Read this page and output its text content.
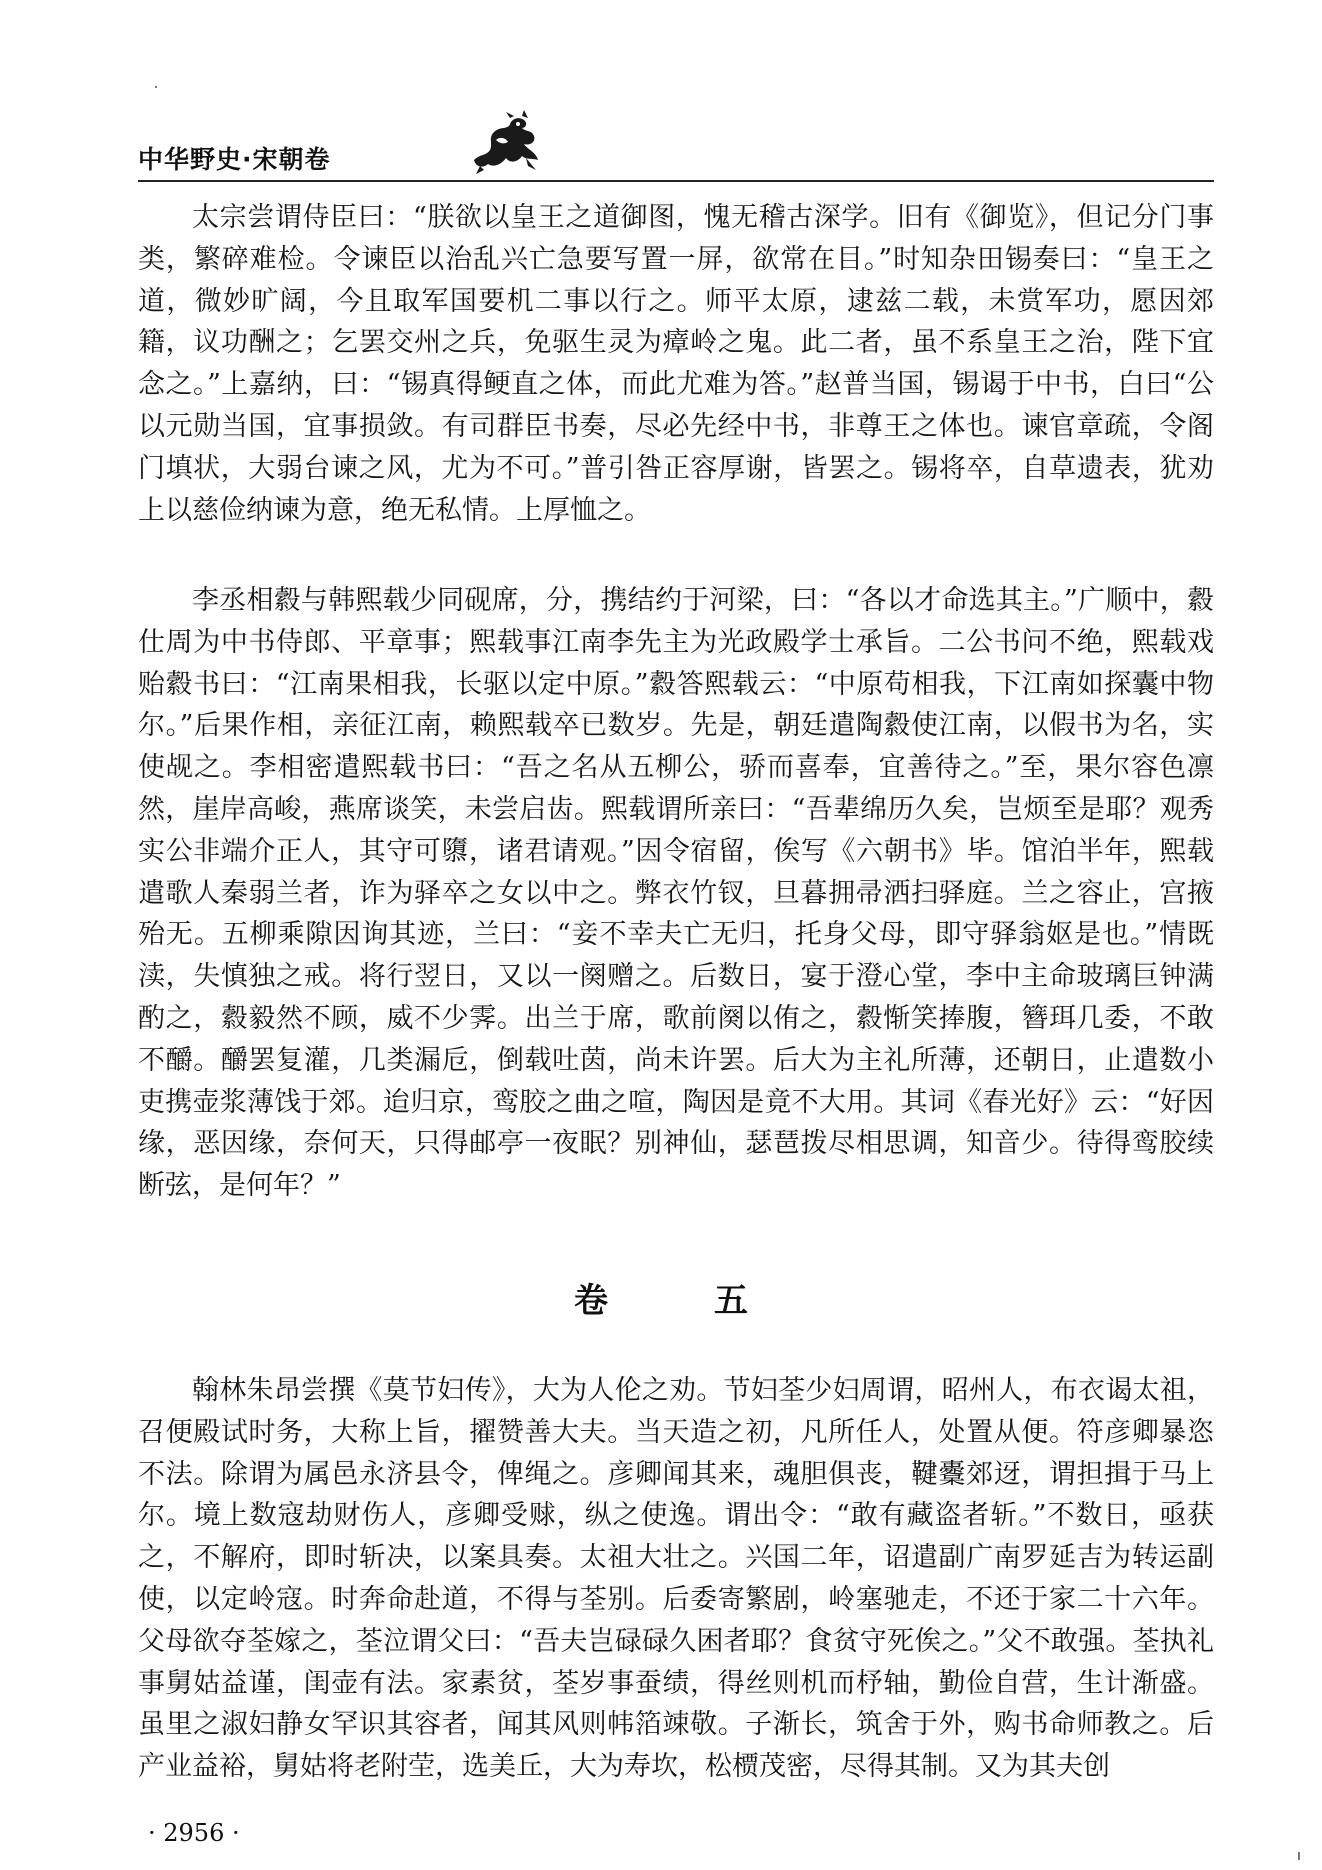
中华野史·宋朝卷

太宗尝谓侍臣曰：“朕欲以皇王之道御图，愧无稽古深学。旧有《御览》，但记分门事类，繁碎难检。令谏臣以治乱兴亡急要写置一屏，欲常在目。”时知杂田锡奏曰：“皇王之道，微妙旷阔，今且取军国要机二事以行之。师平太原，逮兹二载，未赏军功，愿因郊籍，议功酬之；乞罢交州之兵，免驱生灵为瘴岭之鬼。此二者，虽不系皇王之治，陛下宜念之。”上嘉纳，曰：“锡真得鲠直之体，而此尤难为答。”赵普当国，锡谒于中书，白曰“公以元勋当国，宜事损敛。有司群臣书奏，尽必先经中书，非尊王之体也。谏官章疏，令阁门填状，大弱台谏之风，尤为不可。”普引咎正容厚谢，皆罢之。锡将卒，自草遗表，犹劝上以慈俭纳谏为意，绝无私情。上厚恤之。

李丞相縠与韩熙载少同砚席，分，携结约于河梁，曰：“各以才命选其主。”广顺中，縠仕周为中书侍郎、平章事；熙载事江南李先主为光政殿学士承旨。二公书问不绝，熙载戏贻縠书曰：“江南果相我，长驱以定中原。”縠答熙载云：“中原苟相我，下江南如探囊中物尔。”后果作相，亲征江南，赖熙载卒已数岁。先是，朝廷遣陶縠使江南，以假书为名，实使觇之。李相密遣熙载书曰：“吾之名从五柳公，骄而喜奉，宜善待之。”至，果尔容色凛然，崖岸高峻，燕席谈笑，未尝启齿。熙载谓所亲曰：“吾辈绵历久矣，岂烦至是耶？观秀实公非端介正人，其守可隳，诸君请观。”因令宿留，俟写《六朝书》毕。馆泊半年，熙载遣歌人秦弱兰者，诈为驿卒之女以中之。弊衣竹钗，旦暮拥帚洒扫驿庭。兰之容止，宫掖殆无。五柳乘隙因询其迹，兰曰：“妾不幸夫亡无归，托身父母，即守驿翁妪是也。”情既渎，失慎独之戒。将行翌日，又以一阕赠之。后数日，宴于澄心堂，李中主命玻璃巨钟满酌之，縠毅然不顾，威不少霁。出兰于席，歌前阕以侑之，縠惭笑捧腹，簪珥几委，不敢不釂。釂罢复灌，几类漏卮，倒载吐茵，尚未许罢。后大为主礼所薄，还朝日，止遣数小吏携壶浆薄饯于郊。迨归京，鸾胶之曲之喧，陶因是竟不大用。其词《春光好》云：“好因缘，恶因缘，奈何天，只得邮亭一夜眠？别神仙，瑟琶拨尽相思调，知音少。待得鸾胶续断弦，是何年？”

卷　五

翰林朱昂尝撰《莫节妇传》，大为人伦之劝。节妇荃少妇周谓，昭州人，布衣谒太祖，召便殿试时务，大称上旨，擢赞善大夫。当天造之初，凡所任人，处置从便。符彦卿暴恣不法。除谓为属邑永济县令，俾绳之。彦卿闻其来，魂胆俱丧，鞬櫜郊迓，谓担揖于马上尔。境上数寇劫财伤人，彦卿受赇，纵之使逸。谓出令：“敢有藏盗者斩。”不数日，亟获之，不解府，即时斩决，以案具奏。太祖大壮之。兴国二年，诏遣副广南罗延吉为转运副使，以定岭寇。时奔命赴道，不得与荃别。后委寄繁剧，岭塞驰走，不还于家二十六年。父母欲夺荃嫁之，荃泣谓父曰：“吾夫岂碌碌久困者耶？食贫守死俟之。”父不敢强。荃执礼事舅姑益谨，闺壶有法。家素贫，荃岁事蚕绩，得丝则机而杼轴，勤俭自营，生计渐盛。虽里之淑妇静女罕识其容者，闻其风则帏箔竦敬。子渐长，筑舍于外，购书命师教之。后产业益裕，舅姑将老附茔，选美丘，大为寿坎，松槚茂密，尽得其制。又为其夫创

· 2956 ·
